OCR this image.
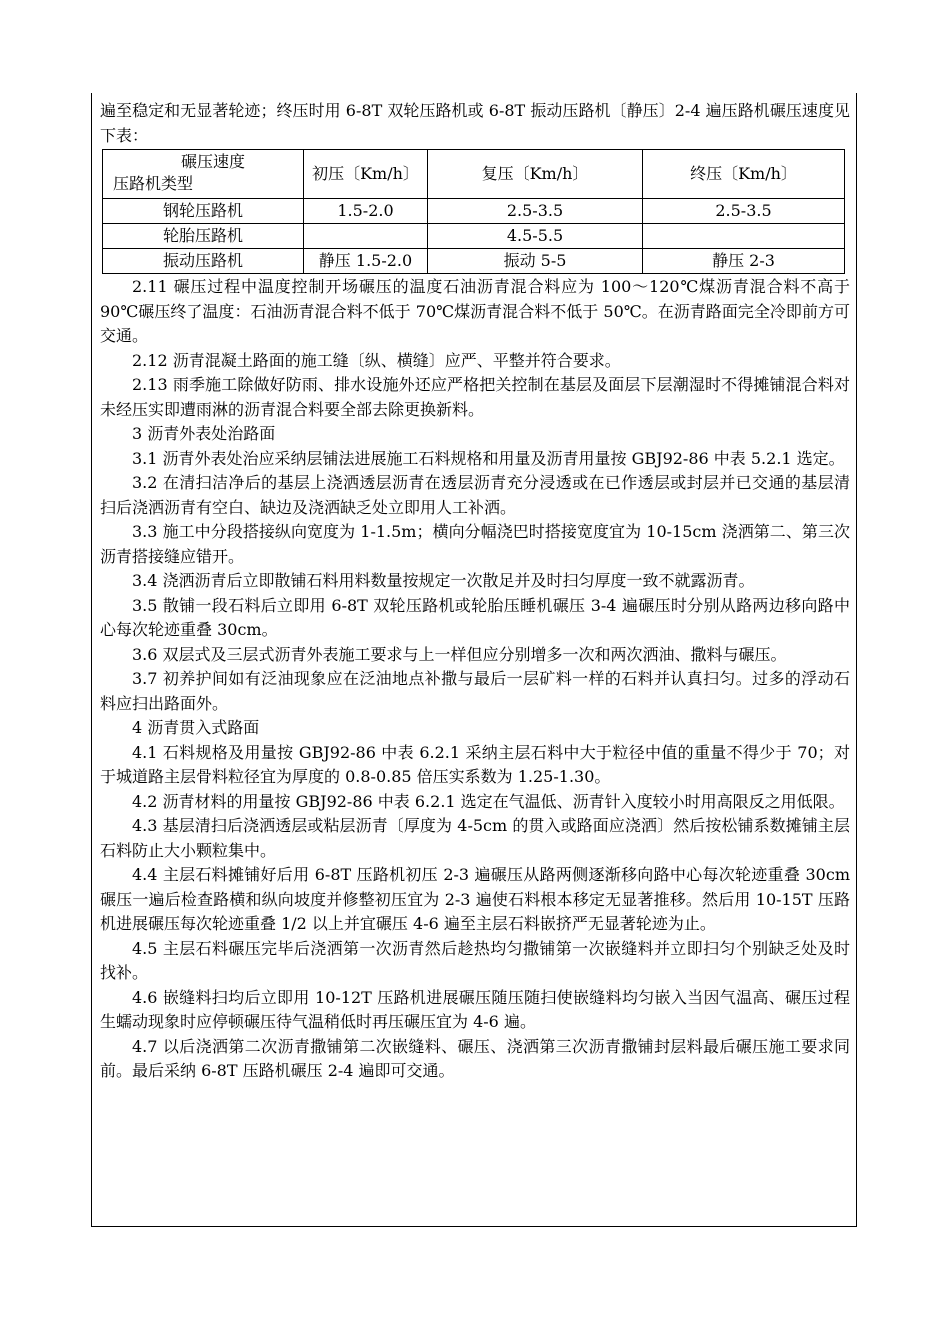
遍至稳定和无显著轮迹；终压时用 6-8T 双轮压路机或 6-8T 振动压路机〔静压〕2-4 遍压路机碾压速度见下表：

碾压速度
压路机类型	初压〔Km/h〕	复压〔Km/h〕	终压〔Km/h〕
钢轮压路机	1.5-2.0	2.5-3.5	2.5-3.5
轮胎压路机		4.5-5.5	
振动压路机	静压 1.5-2.0	振动 5-5	静压 2-3

2.11 碾压过程中温度控制开场碾压的温度石油沥青混合料应为 100～120℃煤沥青混合料不高于 90℃碾压终了温度：石油沥青混合料不低于 70℃煤沥青混合料不低于 50℃。在沥青路面完全冷即前方可交通。

2.12 沥青混凝土路面的施工缝〔纵、横缝〕应严、平整并符合要求。

2.13 雨季施工除做好防雨、排水设施外还应严格把关控制在基层及面层下层潮湿时不得摊铺混合料对未经压实即遭雨淋的沥青混合料要全部去除更换新料。

3 沥青外表处治路面

3.1 沥青外表处治应采纳层铺法进展施工石料规格和用量及沥青用量按 GBJ92-86 中表 5.2.1 选定。

3.2 在清扫洁净后的基层上浇洒透层沥青在透层沥青充分浸透或在已作透层或封层并已交通的基层清扫后浇洒沥青有空白、缺边及浇洒缺乏处立即用人工补洒。

3.3 施工中分段搭接纵向宽度为 1-1.5m；横向分幅浇巴时搭接宽度宜为 10-15cm 浇洒第二、第三次沥青搭接缝应错开。

3.4 浇洒沥青后立即散铺石料用料数量按规定一次散足并及时扫匀厚度一致不就露沥青。

3.5 散铺一段石料后立即用 6-8T 双轮压路机或轮胎压睡机碾压 3-4 遍碾压时分别从路两边移向路中心每次轮迹重叠 30cm。

3.6 双层式及三层式沥青外表施工要求与上一样但应分别增多一次和两次洒油、撒料与碾压。

3.7 初养护间如有泛油现象应在泛油地点补撒与最后一层矿料一样的石料并认真扫匀。过多的浮动石料应扫出路面外。

4 沥青贯入式路面

4.1 石料规格及用量按 GBJ92-86 中表 6.2.1 采纳主层石料中大于粒径中值的重量不得少于 70；对于城道路主层骨料粒径宜为厚度的 0.8-0.85 倍压实系数为 1.25-1.30。

4.2 沥青材料的用量按 GBJ92-86 中表 6.2.1 选定在气温低、沥青针入度较小时用高限反之用低限。

4.3 基层清扫后浇洒透层或粘层沥青〔厚度为 4-5cm 的贯入或路面应浇洒〕然后按松铺系数摊铺主层石料防止大小颗粒集中。

4.4 主层石料摊铺好后用 6-8T 压路机初压 2-3 遍碾压从路两侧逐渐移向路中心每次轮迹重叠 30cm 碾压一遍后检查路横和纵向坡度并修整初压宜为 2-3 遍使石料根本移定无显著推移。然后用 10-15T 压路机进展碾压每次轮迹重叠 1/2 以上并宜碾压 4-6 遍至主层石料嵌挤严无显著轮迹为止。

4.5 主层石料碾压完毕后浇洒第一次沥青然后趁热均匀撒铺第一次嵌缝料并立即扫匀个别缺乏处及时找补。

4.6 嵌缝料扫均后立即用 10-12T 压路机进展碾压随压随扫使嵌缝料均匀嵌入当因气温高、碾压过程生蠕动现象时应停顿碾压待气温稍低时再压碾压宜为 4-6 遍。

4.7 以后浇洒第二次沥青撒铺第二次嵌缝料、碾压、浇洒第三次沥青撒铺封层料最后碾压施工要求同前。最后采纳 6-8T 压路机碾压 2-4 遍即可交通。
